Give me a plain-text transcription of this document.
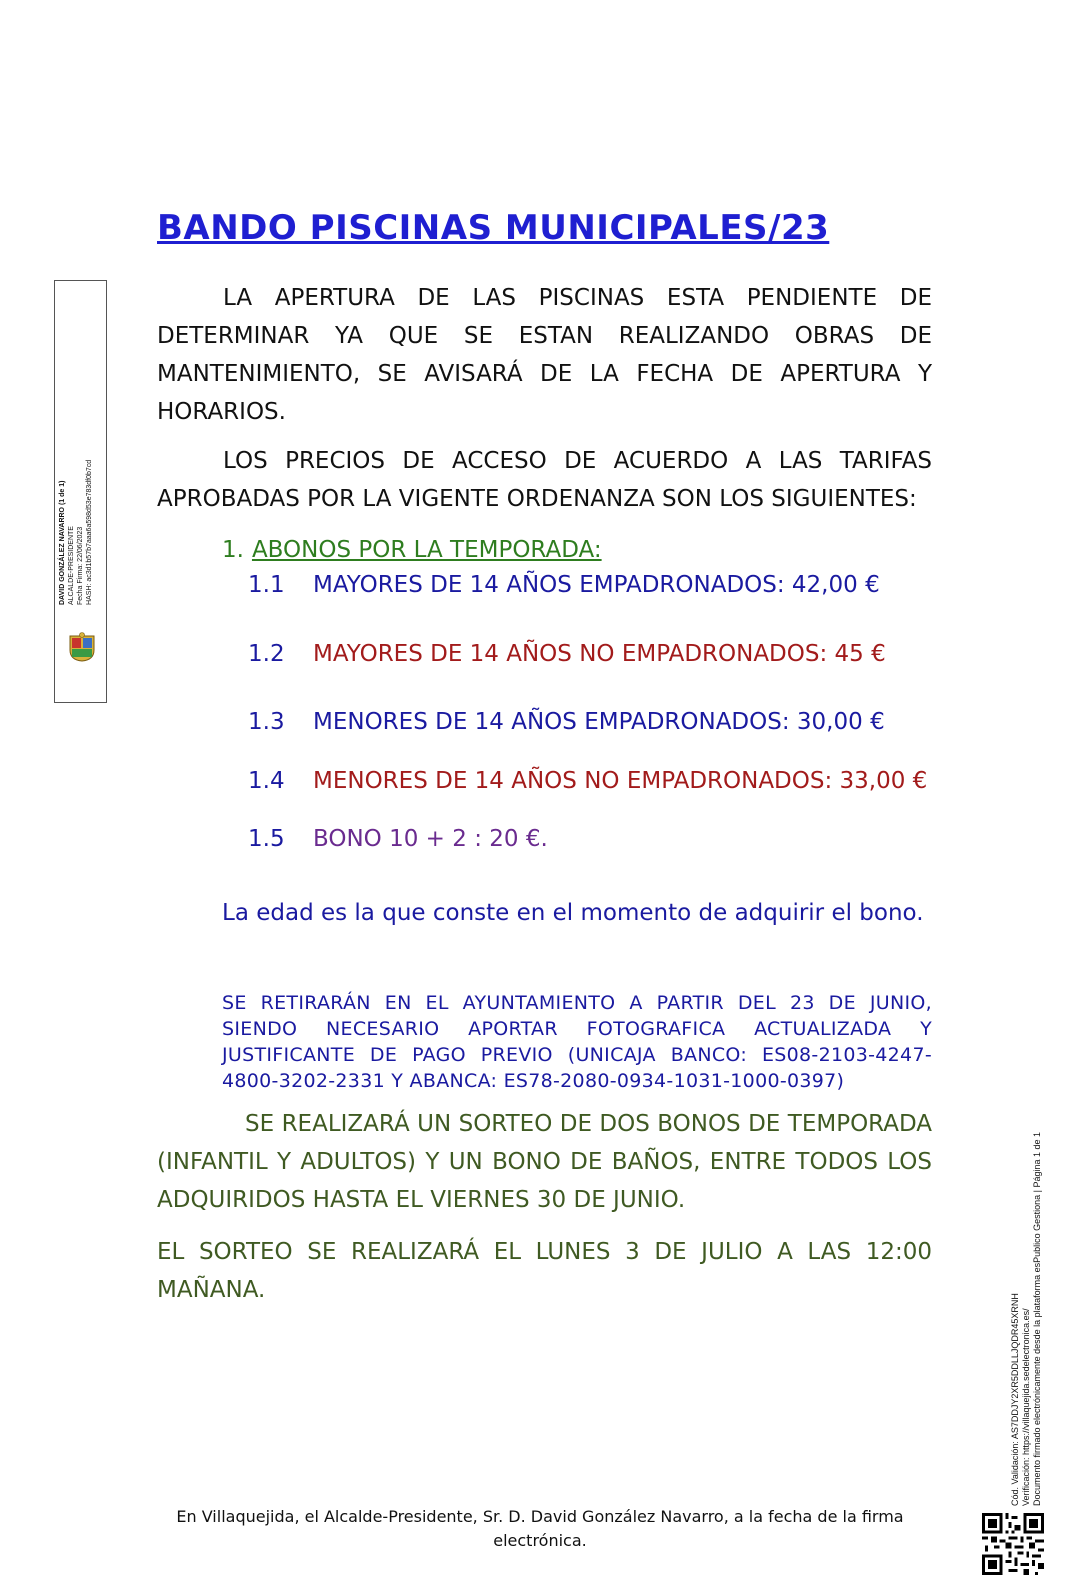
DAVID GONZÁLEZ NAVARRO (1 de 1) ALCALDE-PRESIDENTE Fecha Firma: 22/06/2023 HASH: ac3d1b57b7aaa6a598d53e783df0b7cd
BANDO PISCINAS MUNICIPALES/23
LA APERTURA DE LAS PISCINAS ESTA PENDIENTE DE DETERMINAR YA QUE SE ESTAN REALIZANDO OBRAS DE MANTENIMIENTO, SE AVISARÁ DE LA FECHA DE APERTURA Y HORARIOS.
LOS PRECIOS DE ACCESO DE ACUERDO A LAS TARIFAS APROBADAS POR LA VIGENTE ORDENANZA SON LOS SIGUIENTES:
1. ABONOS POR LA TEMPORADA:
1.1	MAYORES DE 14 AÑOS EMPADRONADOS: 42,00 €
1.2	MAYORES DE 14 AÑOS NO EMPADRONADOS: 45 €
1.3	MENORES DE 14 AÑOS EMPADRONADOS: 30,00 €
1.4	MENORES DE 14 AÑOS NO EMPADRONADOS: 33,00 €
1.5	BONO 10 + 2 : 20 €.
La edad es la que conste en el momento de adquirir el bono.
SE RETIRARÁN EN EL AYUNTAMIENTO A PARTIR DEL 23 DE JUNIO, SIENDO NECESARIO APORTAR FOTOGRAFICA ACTUALIZADA Y JUSTIFICANTE DE PAGO PREVIO (UNICAJA BANCO: ES08-2103-4247-4800-3202-2331 Y ABANCA: ES78-2080-0934-1031-1000-0397)
SE REALIZARÁ UN SORTEO DE DOS BONOS DE TEMPORADA (INFANTIL Y ADULTOS) Y UN BONO DE BAÑOS, ENTRE TODOS LOS ADQUIRIDOS HASTA EL VIERNES 30 DE JUNIO.
EL SORTEO SE REALIZARÁ EL LUNES 3 DE JULIO A LAS 12:00 MAÑANA.
En Villaquejida, el Alcalde-Presidente, Sr. D. David González Navarro, a la fecha de la firma electrónica.
Cód. Validación: AS7DDJY2XR5DDLLJQDR45XRNH Verificación: https://villaquejida.sedelectronica.es/ Documento firmado electrónicamente desde la plataforma esPublico Gestiona | Página 1 de 1
